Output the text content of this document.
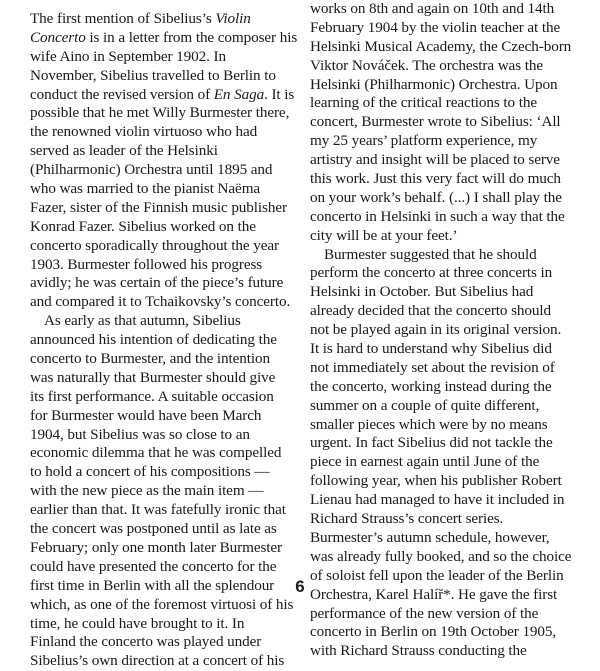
The first mention of Sibelius’s Violin
Concerto is in a letter from the composer his
wife Aino in September 1902. In
November, Sibelius travelled to Berlin to
conduct the revised version of En Saga. It is
possible that he met Willy Burmester there,
the renowned violin virtuoso who had
served as leader of the Helsinki
(Philharmonic) Orchestra until 1895 and
who was married to the pianist Naëma
Fazer, sister of the Finnish music publisher
Konrad Fazer. Sibelius worked on the
concerto sporadically throughout the year
1903. Burmester followed his progress
avidly; he was certain of the piece’s future
and compared it to Tchaikovsky’s concerto.
As early as that autumn, Sibelius
announced his intention of dedicating the
concerto to Burmester, and the intention
was naturally that Burmester should give
its first performance. A suitable occasion
for Burmester would have been March
1904, but Sibelius was so close to an
economic dilemma that he was compelled
to hold a concert of his compositions —
with the new piece as the main item —
earlier than that. It was fatefully ironic that
the concert was postponed until as late as
February; only one month later Burmester
could have presented the concerto for the
first time in Berlin with all the splendour
which, as one of the foremost virtuosi of his
time, he could have brought to it. In
Finland the concerto was played under
Sibelius’s own direction at a concert of his
works on 8th and again on 10th and 14th
February 1904 by the violin teacher at the
Helsinki Musical Academy, the Czech-born
Viktor Nováček. The orchestra was the
Helsinki (Philharmonic) Orchestra. Upon
learning of the critical reactions to the
concert, Burmester wrote to Sibelius: ‘All
my 25 years’ platform experience, my
artistry and insight will be placed to serve
this work. Just this very fact will do much
on your work’s behalf. (...) I shall play the
concerto in Helsinki in such a way that the
city will be at your feet.’
Burmester suggested that he should
perform the concerto at three concerts in
Helsinki in October. But Sibelius had
already decided that the concerto should
not be played again in its original version.
It is hard to understand why Sibelius did
not immediately set about the revision of
the concerto, working instead during the
summer on a couple of quite different,
smaller pieces which were by no means
urgent. In fact Sibelius did not tackle the
piece in earnest again until June of the
following year, when his publisher Robert
Lienau had managed to have it included in
Richard Strauss’s concert series.
Burmester’s autumn schedule, however,
was already fully booked, and so the choice
of soloist fell upon the leader of the Berlin
Orchestra, Karel Halíř*. He gave the first
performance of the new version of the
concerto in Berlin on 19th October 1905,
with Richard Strauss conducting the
6
